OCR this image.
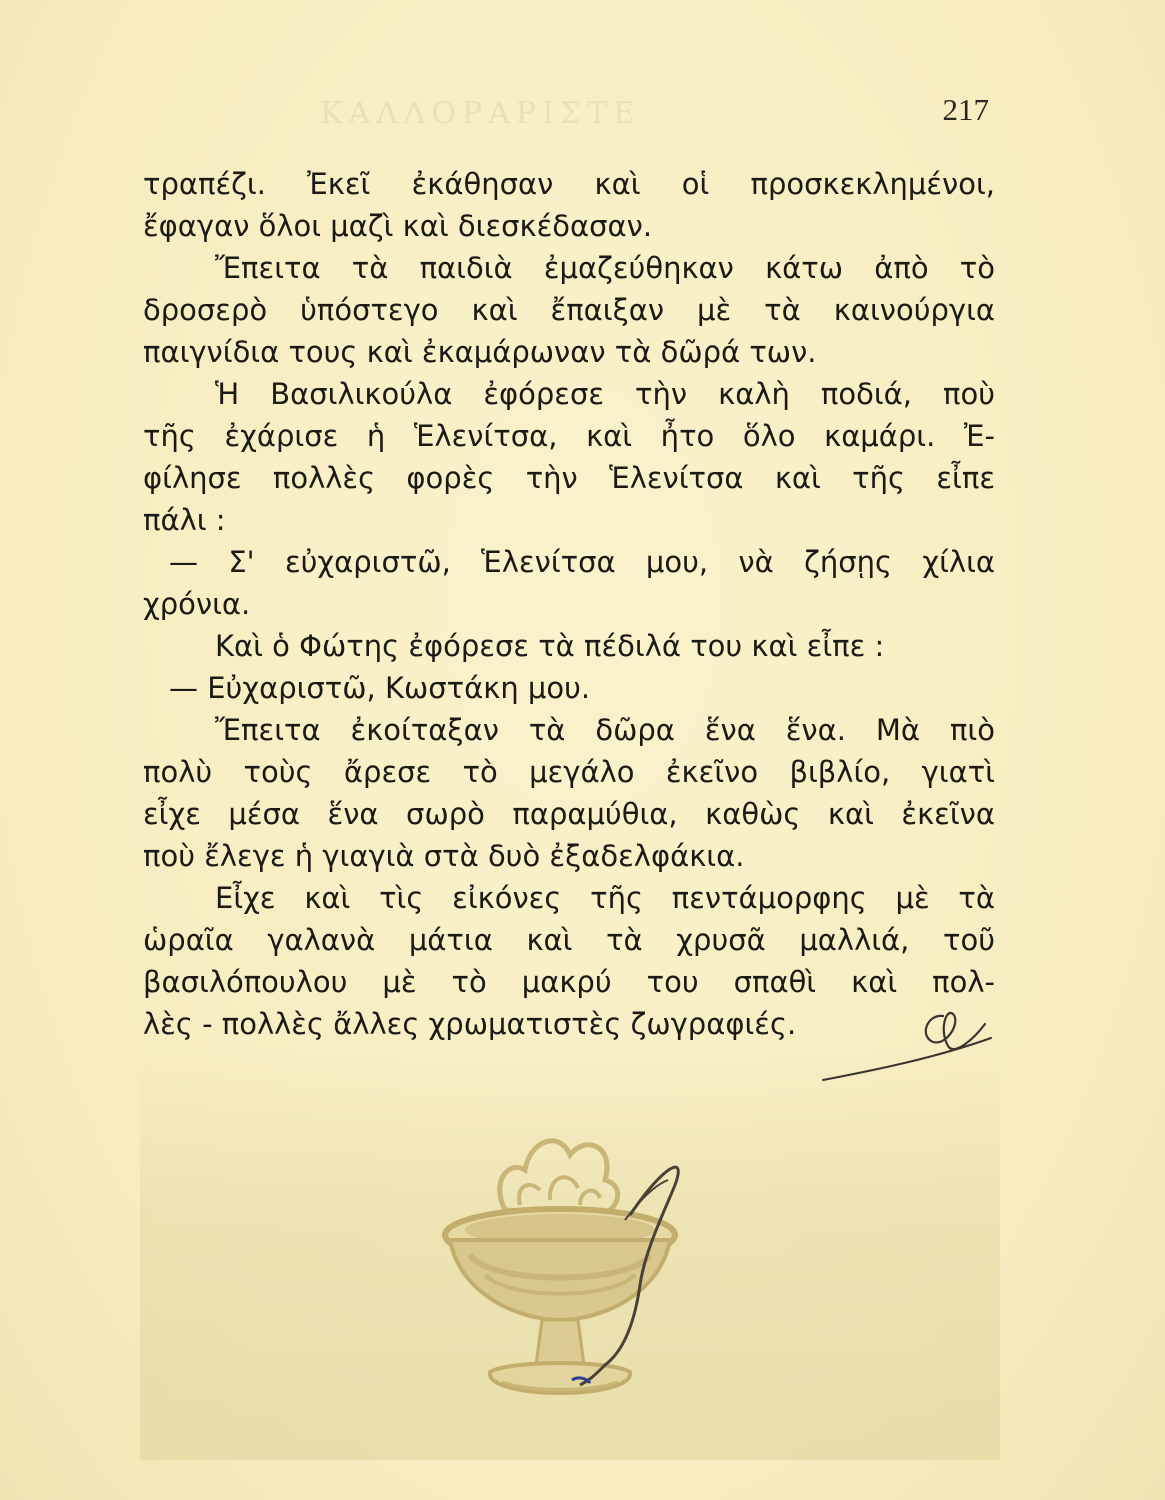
ΚΑΛΛΟΡΑΡΙΣΤΕ	217
τραπέζι. Ἐκεῖ ἐκάθησαν καὶ οἱ προσκεκλημένοι,
ἔφαγαν ὅλοι μαζὶ καὶ διεσκέδασαν.
Ἔπειτα τὰ παιδιὰ ἐμαζεύθηκαν κάτω ἀπὸ τὸ
δροσερὸ ὑπόστεγο καὶ ἔπαιξαν μὲ τὰ καινούργια
παιγνίδια τους καὶ ἐκαμάρωναν τὰ δῶρά των.
Ἡ Βασιλικούλα ἐφόρεσε τὴν καλὴ ποδιά, ποὺ
τῆς ἐχάρισε ἡ Ἑλενίτσα, καὶ ἦτο ὅλο καμάρι. Ἐ-
φίλησε πολλὲς φορὲς τὴν Ἑλενίτσα καὶ τῆς εἶπε
πάλι :
— Σ' εὐχαριστῶ, Ἑλενίτσα μου, νὰ ζήσῃς χίλια
χρόνια.
Καὶ ὁ Φώτης ἐφόρεσε τὰ πέδιλά του καὶ εἶπε :
— Εὐχαριστῶ, Κωστάκη μου.
Ἔπειτα ἐκοίταξαν τὰ δῶρα ἕνα ἕνα. Μὰ πιὸ
πολὺ τοὺς ἄρεσε τὸ μεγάλο ἐκεῖνο βιβλίο, γιατὶ
εἶχε μέσα ἕνα σωρὸ παραμύθια, καθὼς καὶ ἐκεῖνα
ποὺ ἔλεγε ἡ γιαγιὰ στὰ δυὸ ἐξαδελφάκια.
Εἶχε καὶ τὶς εἰκόνες τῆς πεντάμορφης μὲ τὰ
ὡραῖα γαλανὰ μάτια καὶ τὰ χρυσᾶ μαλλιά, τοῦ
βασιλόπουλου μὲ τὸ μακρύ του σπαθὶ καὶ πολ-
λὲς - πολλὲς ἄλλες χρωματιστὲς ζωγραφιές.
